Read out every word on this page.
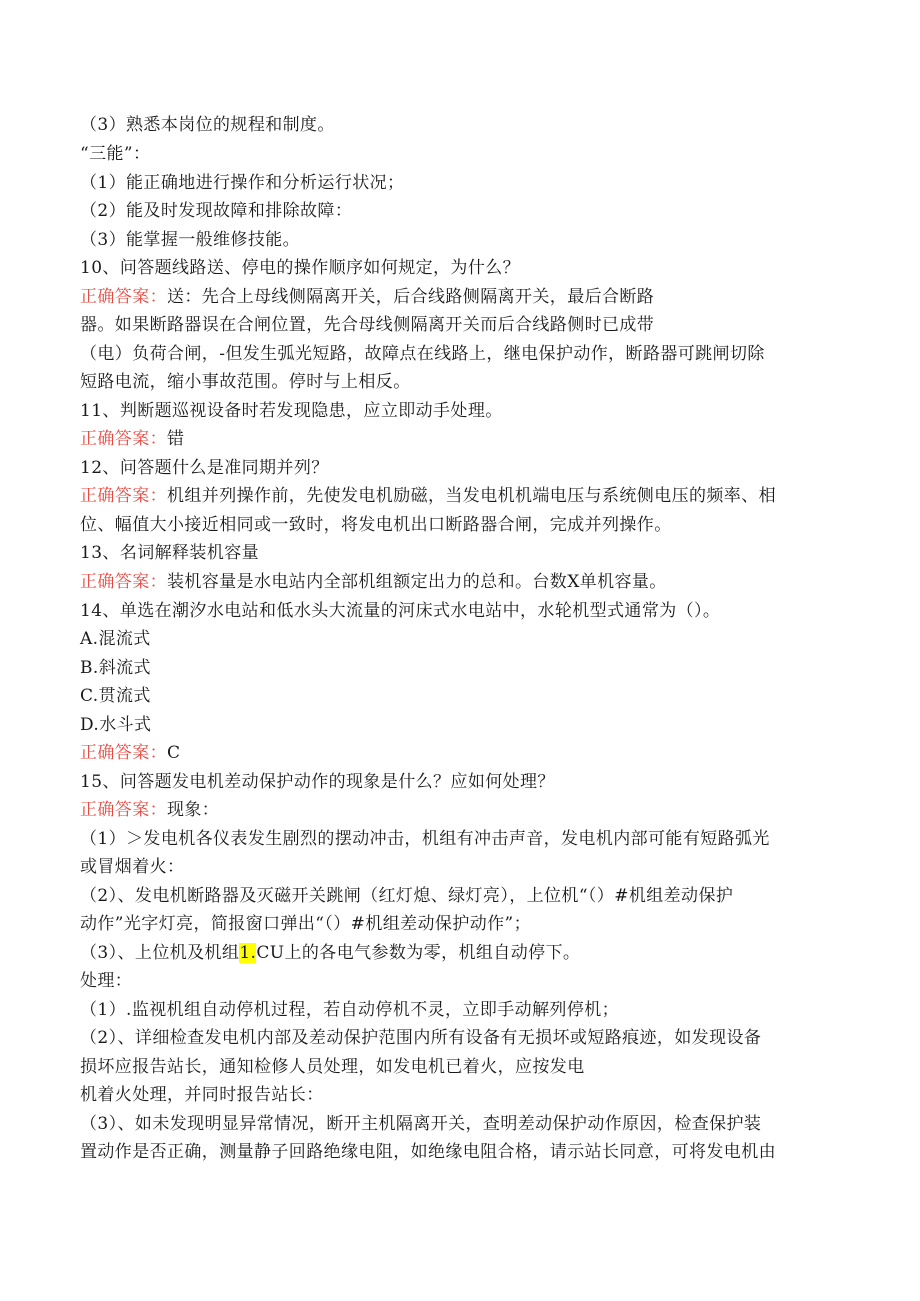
（3）熟悉本岗位的规程和制度。
“三能”：
（1）能正确地进行操作和分析运行状况；
（2）能及时发现故障和排除故障：
（3）能掌握一般维修技能。
10、问答题线路送、停电的操作顺序如何规定，为什么？
正确答案：送：先合上母线侧隔离开关，后合线路侧隔离开关，最后合断路
器。如果断路器误在合闸位置，先合母线侧隔离开关而后合线路侧时已成带
（电）负荷合闸，-但发生弧光短路，故障点在线路上，继电保护动作，断路器可跳闸切除
短路电流，缩小事故范围。停时与上相反。
11、判断题巡视设备时若发现隐患，应立即动手处理。
正确答案：错
12、问答题什么是准同期并列？
正确答案：机组并列操作前，先使发电机励磁，当发电机机端电压与系统侧电压的频率、相
位、幅值大小接近相同或一致时，将发电机出口断路器合闸，完成并列操作。
13、名词解释装机容量
正确答案：装机容量是水电站内全部机组额定出力的总和。台数X单机容量。
14、单选在潮汐水电站和低水头大流量的河床式水电站中，水轮机型式通常为（）。
A.混流式
B.斜流式
C.贯流式
D.水斗式
正确答案：C
15、问答题发电机差动保护动作的现象是什么？应如何处理？
正确答案：现象：
（1）＞发电机各仪表发生剧烈的摆动冲击，机组有冲击声音，发电机内部可能有短路弧光
或冒烟着火：
（2）、发电机断路器及灭磁开关跳闸（红灯熄、绿灯亮），上位机“（）#机组差动保护
动作”光字灯亮，简报窗口弹出“（）#机组差动保护动作”；
（3）、上位机及机组1.CU上的各电气参数为零，机组自动停下。
处理：
（1）.监视机组自动停机过程，若自动停机不灵，立即手动解列停机；
（2）、详细检查发电机内部及差动保护范围内所有设备有无损坏或短路痕迹，如发现设备
损坏应报告站长，通知检修人员处理，如发电机已着火，应按发电
机着火处理，并同时报告站长：
（3）、如未发现明显异常情况，断开主机隔离开关，查明差动保护动作原因，检查保护装
置动作是否正确，测量静子回路绝缘电阻，如绝缘电阻合格，请示站长同意，可将发电机由
